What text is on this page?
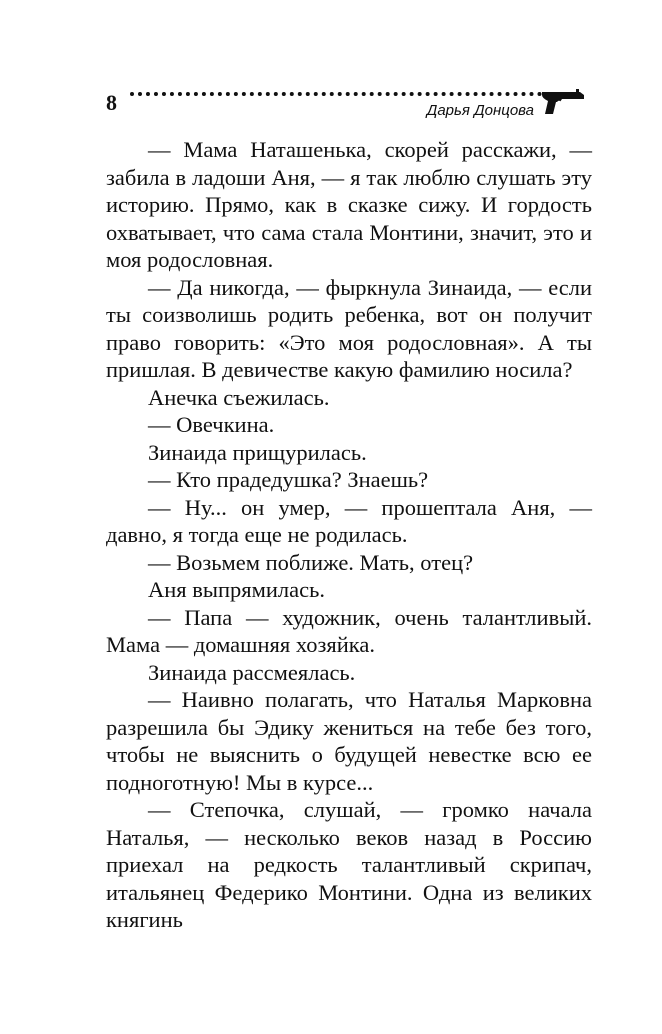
8	Дарья Донцова

— Мама Наташенька, скорей расскажи, — забила в ладоши Аня, — я так люблю слушать эту историю. Прямо, как в сказке сижу. И гордость охватывает, что сама стала Монтини, значит, это и моя родословная.

— Да никогда, — фыркнула Зинаида, — если ты соизволишь родить ребенка, вот он получит право говорить: «Это моя родословная». А ты пришлая. В девичестве какую фамилию носила?

Анечка съежилась.

— Овечкина.

Зинаида прищурилась.

— Кто прадедушка? Знаешь?

— Ну... он умер, — прошептала Аня, — давно, я тогда еще не родилась.

— Возьмем поближе. Мать, отец?

Аня выпрямилась.

— Папа — художник, очень талантливый. Мама — домашняя хозяйка.

Зинаида рассмеялась.

— Наивно полагать, что Наталья Марковна разрешила бы Эдику жениться на тебе без того, чтобы не выяснить о будущей невестке всю ее подноготную! Мы в курсе...

— Степочка, слушай, — громко начала Наталья, — несколько веков назад в Россию приехал на редкость талантливый скрипач, итальянец Федерико Монтини. Одна из великих княгинь
